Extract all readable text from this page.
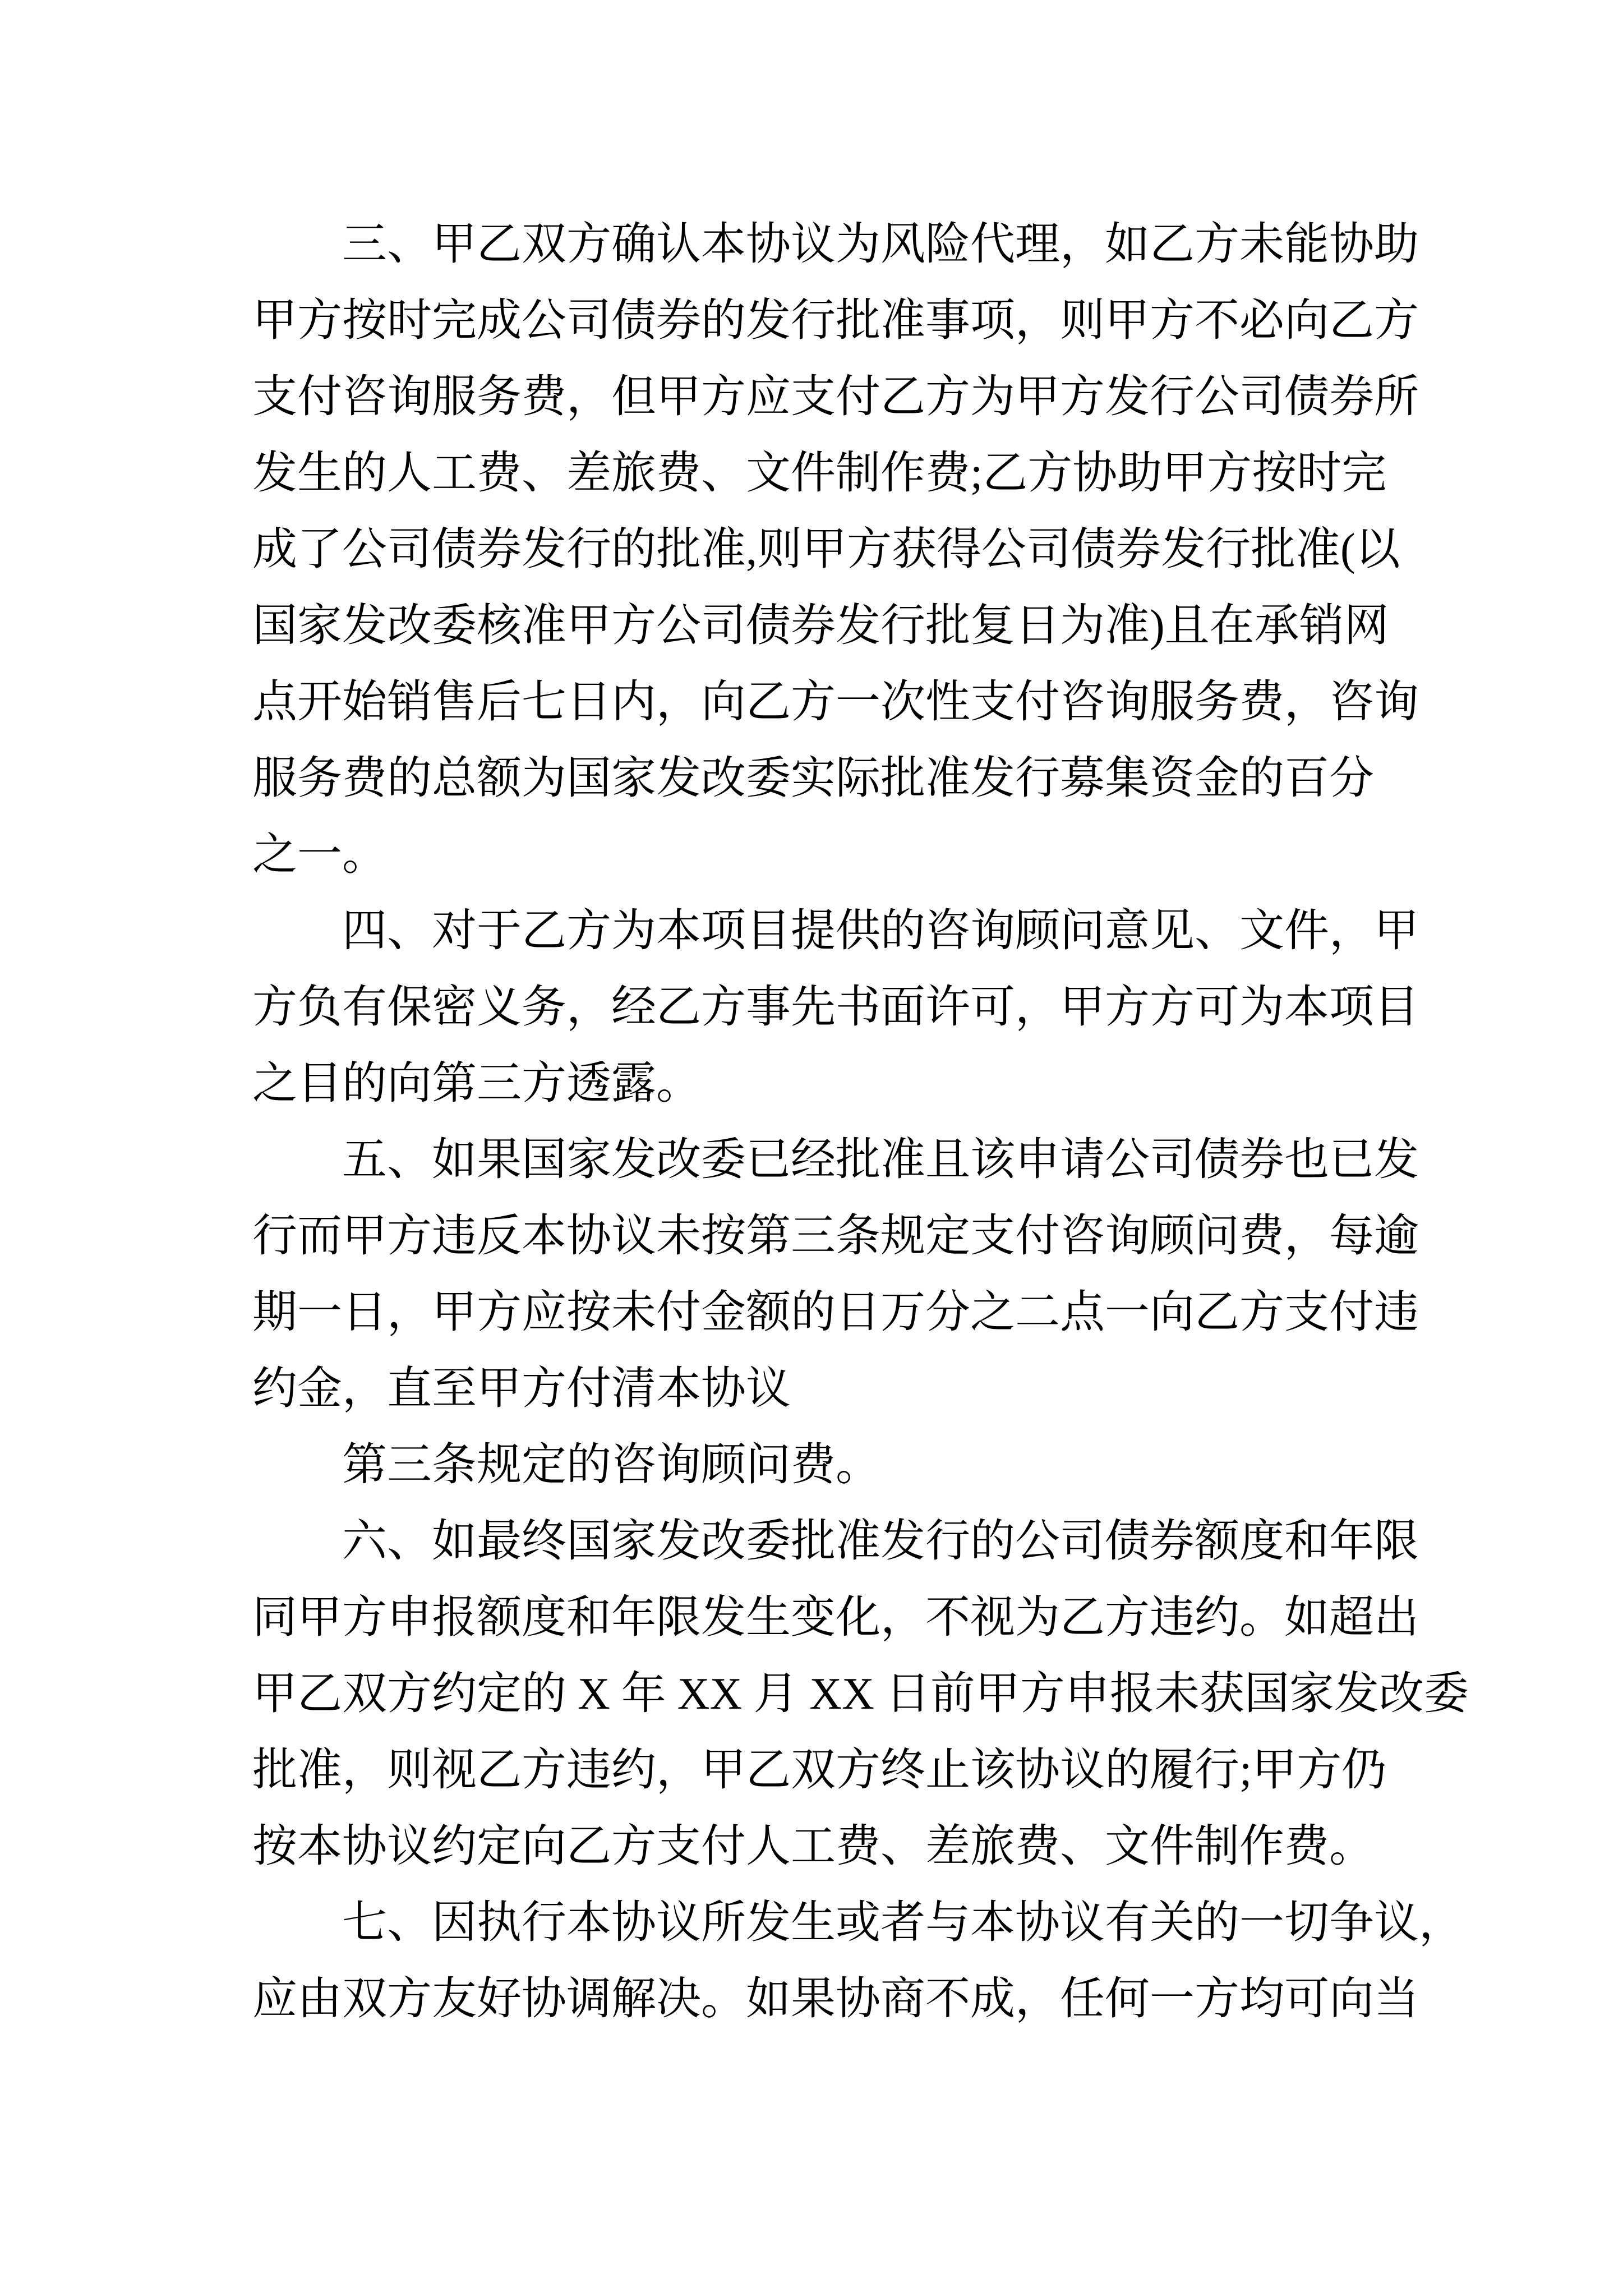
　　三、甲乙双方确认本协议为风险代理，如乙方未能协助
甲方按时完成公司债券的发行批准事项，则甲方不必向乙方
支付咨询服务费，但甲方应支付乙方为甲方发行公司债券所
发生的人工费、差旅费、文件制作费;乙方协助甲方按时完
成了公司债券发行的批准,则甲方获得公司债券发行批准(以
国家发改委核准甲方公司债券发行批复日为准)且在承销网
点开始销售后七日内，向乙方一次性支付咨询服务费，咨询
服务费的总额为国家发改委实际批准发行募集资金的百分
之一。
　　四、对于乙方为本项目提供的咨询顾问意见、文件，甲
方负有保密义务，经乙方事先书面许可，甲方方可为本项目
之目的向第三方透露。
　　五、如果国家发改委已经批准且该申请公司债券也已发
行而甲方违反本协议未按第三条规定支付咨询顾问费，每逾
期一日，甲方应按未付金额的日万分之二点一向乙方支付违
约金，直至甲方付清本协议
　　第三条规定的咨询顾问费。
　　六、如最终国家发改委批准发行的公司债券额度和年限
同甲方申报额度和年限发生变化，不视为乙方违约。如超出
甲乙双方约定的 X 年 XX 月 XX 日前甲方申报未获国家发改委
批准，则视乙方违约，甲乙双方终止该协议的履行;甲方仍
按本协议约定向乙方支付人工费、差旅费、文件制作费。
　　七、因执行本协议所发生或者与本协议有关的一切争议，
应由双方友好协调解决。如果协商不成，任何一方均可向当
